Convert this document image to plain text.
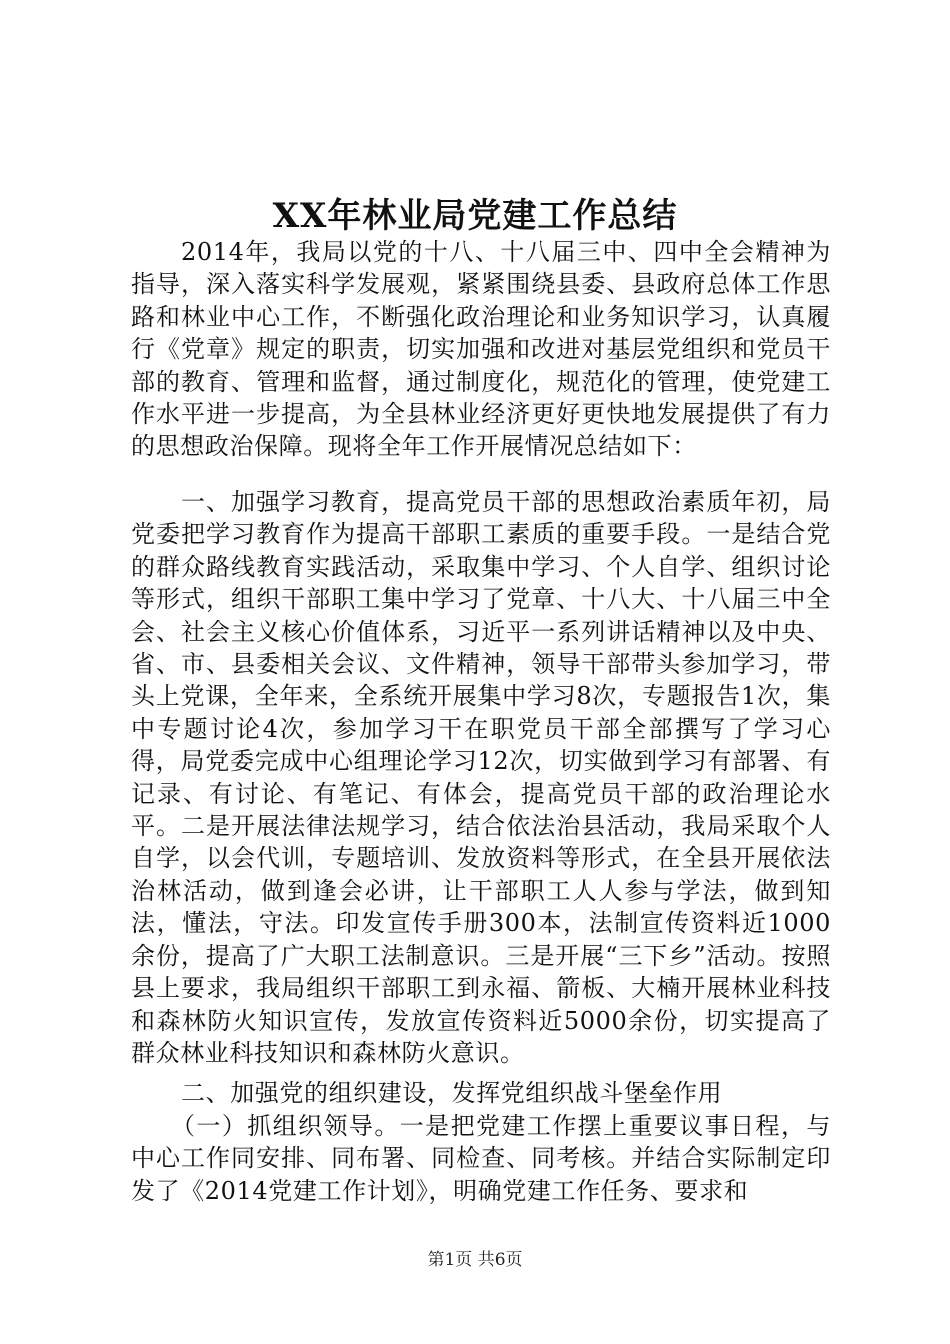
XX年林业局党建工作总结

2014年，我局以党的十八、十八届三中、四中全会精神为指导，深入落实科学发展观，紧紧围绕县委、县政府总体工作思路和林业中心工作，不断强化政治理论和业务知识学习，认真履行《党章》规定的职责，切实加强和改进对基层党组织和党员干部的教育、管理和监督，通过制度化，规范化的管理，使党建工作水平进一步提高，为全县林业经济更好更快地发展提供了有力的思想政治保障。现将全年工作开展情况总结如下：

一、加强学习教育，提高党员干部的思想政治素质年初，局党委把学习教育作为提高干部职工素质的重要手段。一是结合党的群众路线教育实践活动，采取集中学习、个人自学、组织讨论等形式，组织干部职工集中学习了党章、十八大、十八届三中全会、社会主义核心价值体系，习近平一系列讲话精神以及中央、省、市、县委相关会议、文件精神，领导干部带头参加学习，带头上党课，全年来，全系统开展集中学习8次，专题报告1次，集中专题讨论4次，参加学习干在职党员干部全部撰写了学习心得，局党委完成中心组理论学习12次，切实做到学习有部署、有记录、有讨论、有笔记、有体会，提高党员干部的政治理论水平。二是开展法律法规学习，结合依法治县活动，我局采取个人自学，以会代训，专题培训、发放资料等形式，在全县开展依法治林活动，做到逢会必讲，让干部职工人人参与学法，做到知法，懂法，守法。印发宣传手册300本，法制宣传资料近1000余份，提高了广大职工法制意识。三是开展“三下乡”活动。按照县上要求，我局组织干部职工到永福、箭板、大楠开展林业科技和森林防火知识宣传，发放宣传资料近5000余份，切实提高了群众林业科技知识和森林防火意识。

二、加强党的组织建设，发挥党组织战斗堡垒作用

（一）抓组织领导。一是把党建工作摆上重要议事日程，与中心工作同安排、同布署、同检查、同考核。并结合实际制定印发了《2014党建工作计划》，明确党建工作任务、要求和

第1页 共6页
